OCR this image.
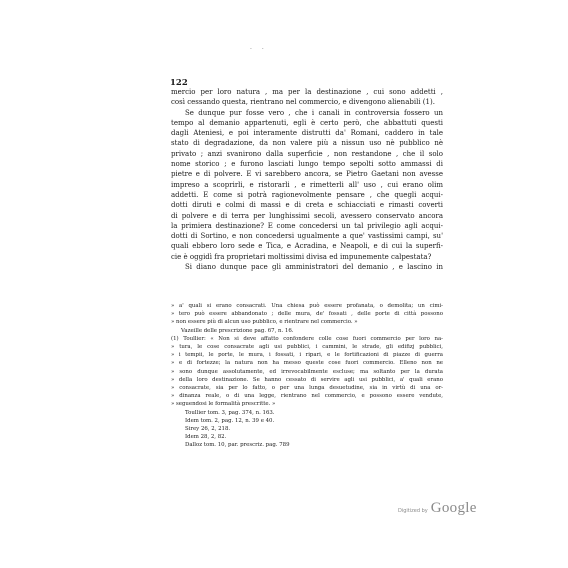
. .
122
mercio per loro natura , ma per la destinazione , cui sono addetti ,
così cessando questa, rientrano nel commercio, e divengono alienabili (1).
Se dunque pur fosse vero , che i canali in controversia fossero un
tempo al demanio appartenuti, egli è certo però, che abbattuti questi
dagli Ateniesi, e poi interamente distrutti da' Romani, caddero in tale
stato di degradazione, da non valere più a nissun uso nè pubblico nè
privato ; anzi svanirono dalla superficie , non restandone , che il solo
nome storico ; e furono lasciati lungo tempo sepolti sotto ammassi di
pietre e di polvere. E vi sarebbero ancora, se Pietro Gaetani non avesse
impreso a scoprirli, e ristorarli , e rimetterli all' uso , cui erano olim
addetti. E come si potrà ragionevolmente pensare , che quegli acqui-
dotti diruti e colmi di massi e di creta e schiacciati e rimasti coverti
di polvere e di terra per lunghissimi secoli, avessero conservato ancora
la primiera destinazione? E come concedersi un tal privilegio agli acqui-
dotti di Sortino, e non concedersi ugualmente a que' vastissimi campi, su'
quali ebbero loro sede e Tica, e Acradina, e Neapoli, e di cui la superfi-
cie è oggidì fra proprietari moltissimi divisa ed impunemente calpestata?
Si diano dunque pace gli amministratori del demanio , e lascino in
» a' quali si erano consacrati. Una chiesa può essere profanata, o demolita; un cimi-
» tero può essere abbandonato ; delle mura, de' fossati , delle porte di città possono
» non essere più di alcun uso pubblico, e rientrare nel commercio. »
Vazeille delle prescrizione pag. 67, n. 16.
(1) Toullier: « Non si deve affatto confondere colle cose fuori commercio per loro na-
» tura, le cose consacrate agli usi pubblici, i cammini, le strade, gli edifizj pubblici,
» i tempii, le porte, le mura, i fossati, i ripari, e le fortificazioni di piazze di guerra
» e di fortezze; la natura non ha messo queste cose fuori commercio. Elleno non ne
» sono dunque assolutamente, ed irrevocabilmente escluse; ma soltanto per la durata
» della loro destinazione. Se hanno cessato di servire agli usi pubblici, a' quali erano
» consacrate, sia per lo fatto, o per una lunga desuetudine, sia in virtù di una or-
» dinanza reale, o di una legge, rientrano nel commercio, e possono essere vendute,
» seguendosi le formalità prescritte. »
Toullier tom. 3, pag. 374, n. 163.
Idem tom. 2, pag. 12, n. 39 e 40.
Sirey 26, 2, 218.
Idem 28, 2, 82.
Dalloz tom. 10, par. prescriz. pag. 789
Digitized by Google
